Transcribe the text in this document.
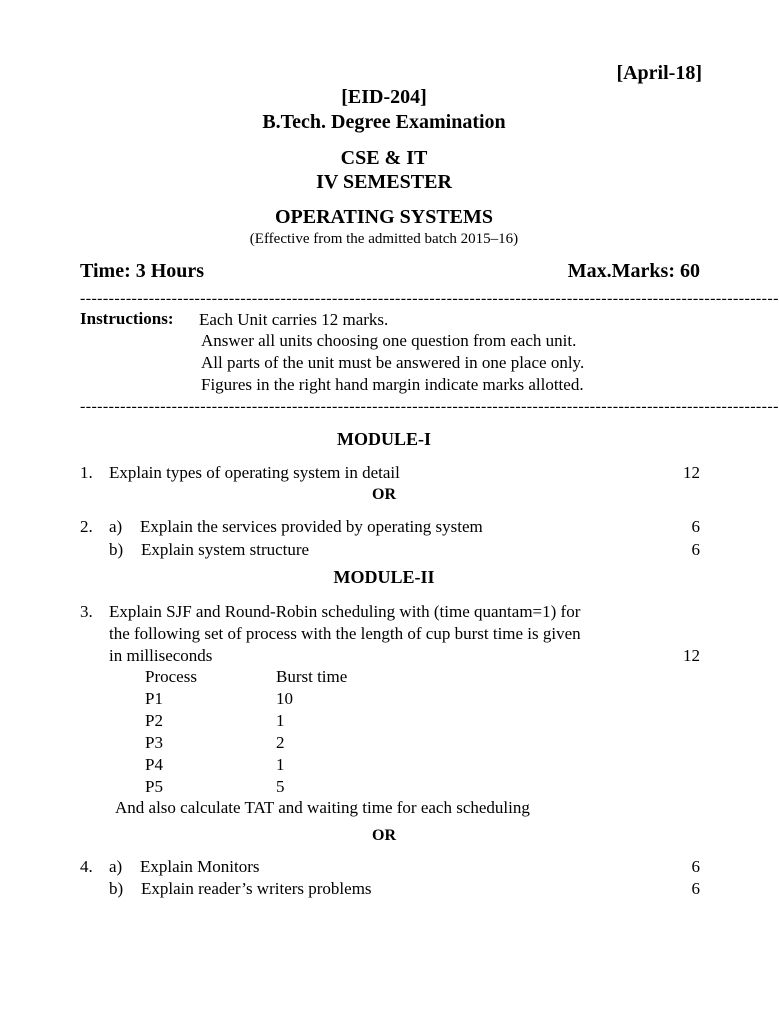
[April-18]
[EID-204]
B.Tech. Degree Examination
CSE & IT
IV SEMESTER
OPERATING SYSTEMS
(Effective from the admitted batch 2015–16)
Time: 3 Hours	Max.Marks: 60
--------------------------------------------------------------------------------------------------------------------------
Instructions: Each Unit carries 12 marks.
Answer all units choosing one question from each unit.
All parts of the unit must be answered in one place only.
Figures in the right hand margin indicate marks allotted.
--------------------------------------------------------------------------------------------------------------------------
MODULE-I
1. Explain types of operating system in detail	12
OR
2. a) Explain the services provided by operating system	6
b) Explain system structure	6
MODULE-II
3. Explain SJF and Round-Robin scheduling with (time quantam=1) for
the following set of process with the length of cup burst time is given
in milliseconds	12
Process	Burst time
P1	10
P2	1
P3	2
P4	1
P5	5
And also calculate TAT and waiting time for each scheduling
OR
4. a) Explain Monitors	6
b) Explain reader’s writers problems	6
